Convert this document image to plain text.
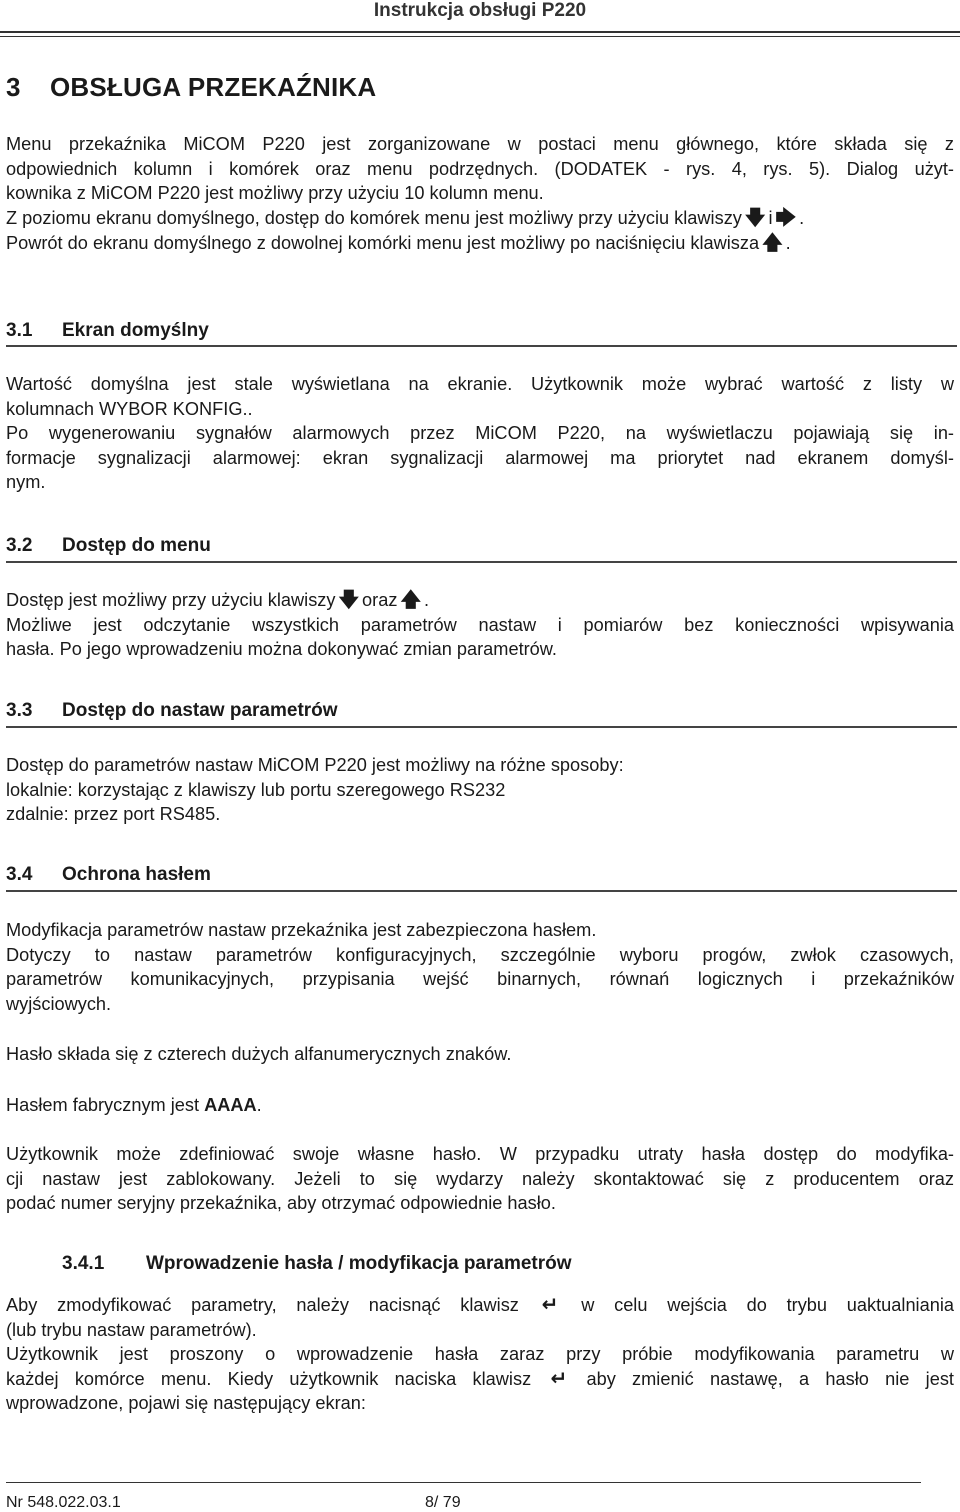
Instrukcja obsługi P220
3 OBSŁUGA PRZEKAŹNIKA
Menu przekaźnika MiCOM P220 jest zorganizowane w postaci menu głównego, które składa się z
odpowiednich kolumn i komórek oraz menu podrzędnych. (DODATEK - rys. 4, rys. 5). Dialog użyt-
kownika z MiCOM P220 jest możliwy przy użyciu 10 kolumn menu.
Z poziomu ekranu domyślnego, dostęp do komórek menu jest możliwy przy użyciu klawiszy 🡇 i 🡆 .
Powrót do ekranu domyślnego z dowolnej komórki menu jest możliwy po naciśnięciu klawisza 🡅 .
3.1 Ekran domyślny
Wartość domyślna jest stale wyświetlana na ekranie. Użytkownik może wybrać wartość z listy w
kolumnach WYBOR KONFIG..
Po wygenerowaniu sygnałów alarmowych przez MiCOM P220, na wyświetlaczu pojawiają się in-
formacje sygnalizacji alarmowej: ekran sygnalizacji alarmowej ma priorytet nad ekranem domyśl-
nym.
3.2 Dostęp do menu
Dostęp jest możliwy przy użyciu klawiszy 🡇 oraz 🡅 .
Możliwe jest odczytanie wszystkich parametrów nastaw i pomiarów bez konieczności wpisywania
hasła. Po jego wprowadzeniu można dokonywać zmian parametrów.
3.3 Dostęp do nastaw parametrów
Dostęp do parametrów nastaw MiCOM P220 jest możliwy na różne sposoby:
lokalnie: korzystając z klawiszy lub portu szeregowego RS232
zdalnie: przez port RS485.
3.4 Ochrona hasłem
Modyfikacja parametrów nastaw przekaźnika jest zabezpieczona hasłem.
Dotyczy to nastaw parametrów konfiguracyjnych, szczególnie wyboru progów, zwłok czasowych,
parametrów komunikacyjnych, przypisania wejść binarnych, równań logicznych i przekaźników
wyjściowych.
Hasło składa się z czterech dużych alfanumerycznych znaków.
Hasłem fabrycznym jest AAAA.
Użytkownik może zdefiniować swoje własne hasło. W przypadku utraty hasła dostęp do modyfika-
cji nastaw jest zablokowany. Jeżeli to się wydarzy należy skontaktować się z producentem oraz
podać numer seryjny przekaźnika, aby otrzymać odpowiednie hasło.
3.4.1 Wprowadzenie hasła / modyfikacja parametrów
Aby zmodyfikować parametry, należy nacisnąć klawisz ↵ w celu wejścia do trybu uaktualniania
(lub trybu nastaw parametrów).
Użytkownik jest proszony o wprowadzenie hasła zaraz przy próbie modyfikowania parametru w
każdej komórce menu. Kiedy użytkownik naciska klawisz ↵ aby zmienić nastawę, a hasło nie jest
wprowadzone, pojawi się następujący ekran:
Nr 548.022.03.1	8/ 79
